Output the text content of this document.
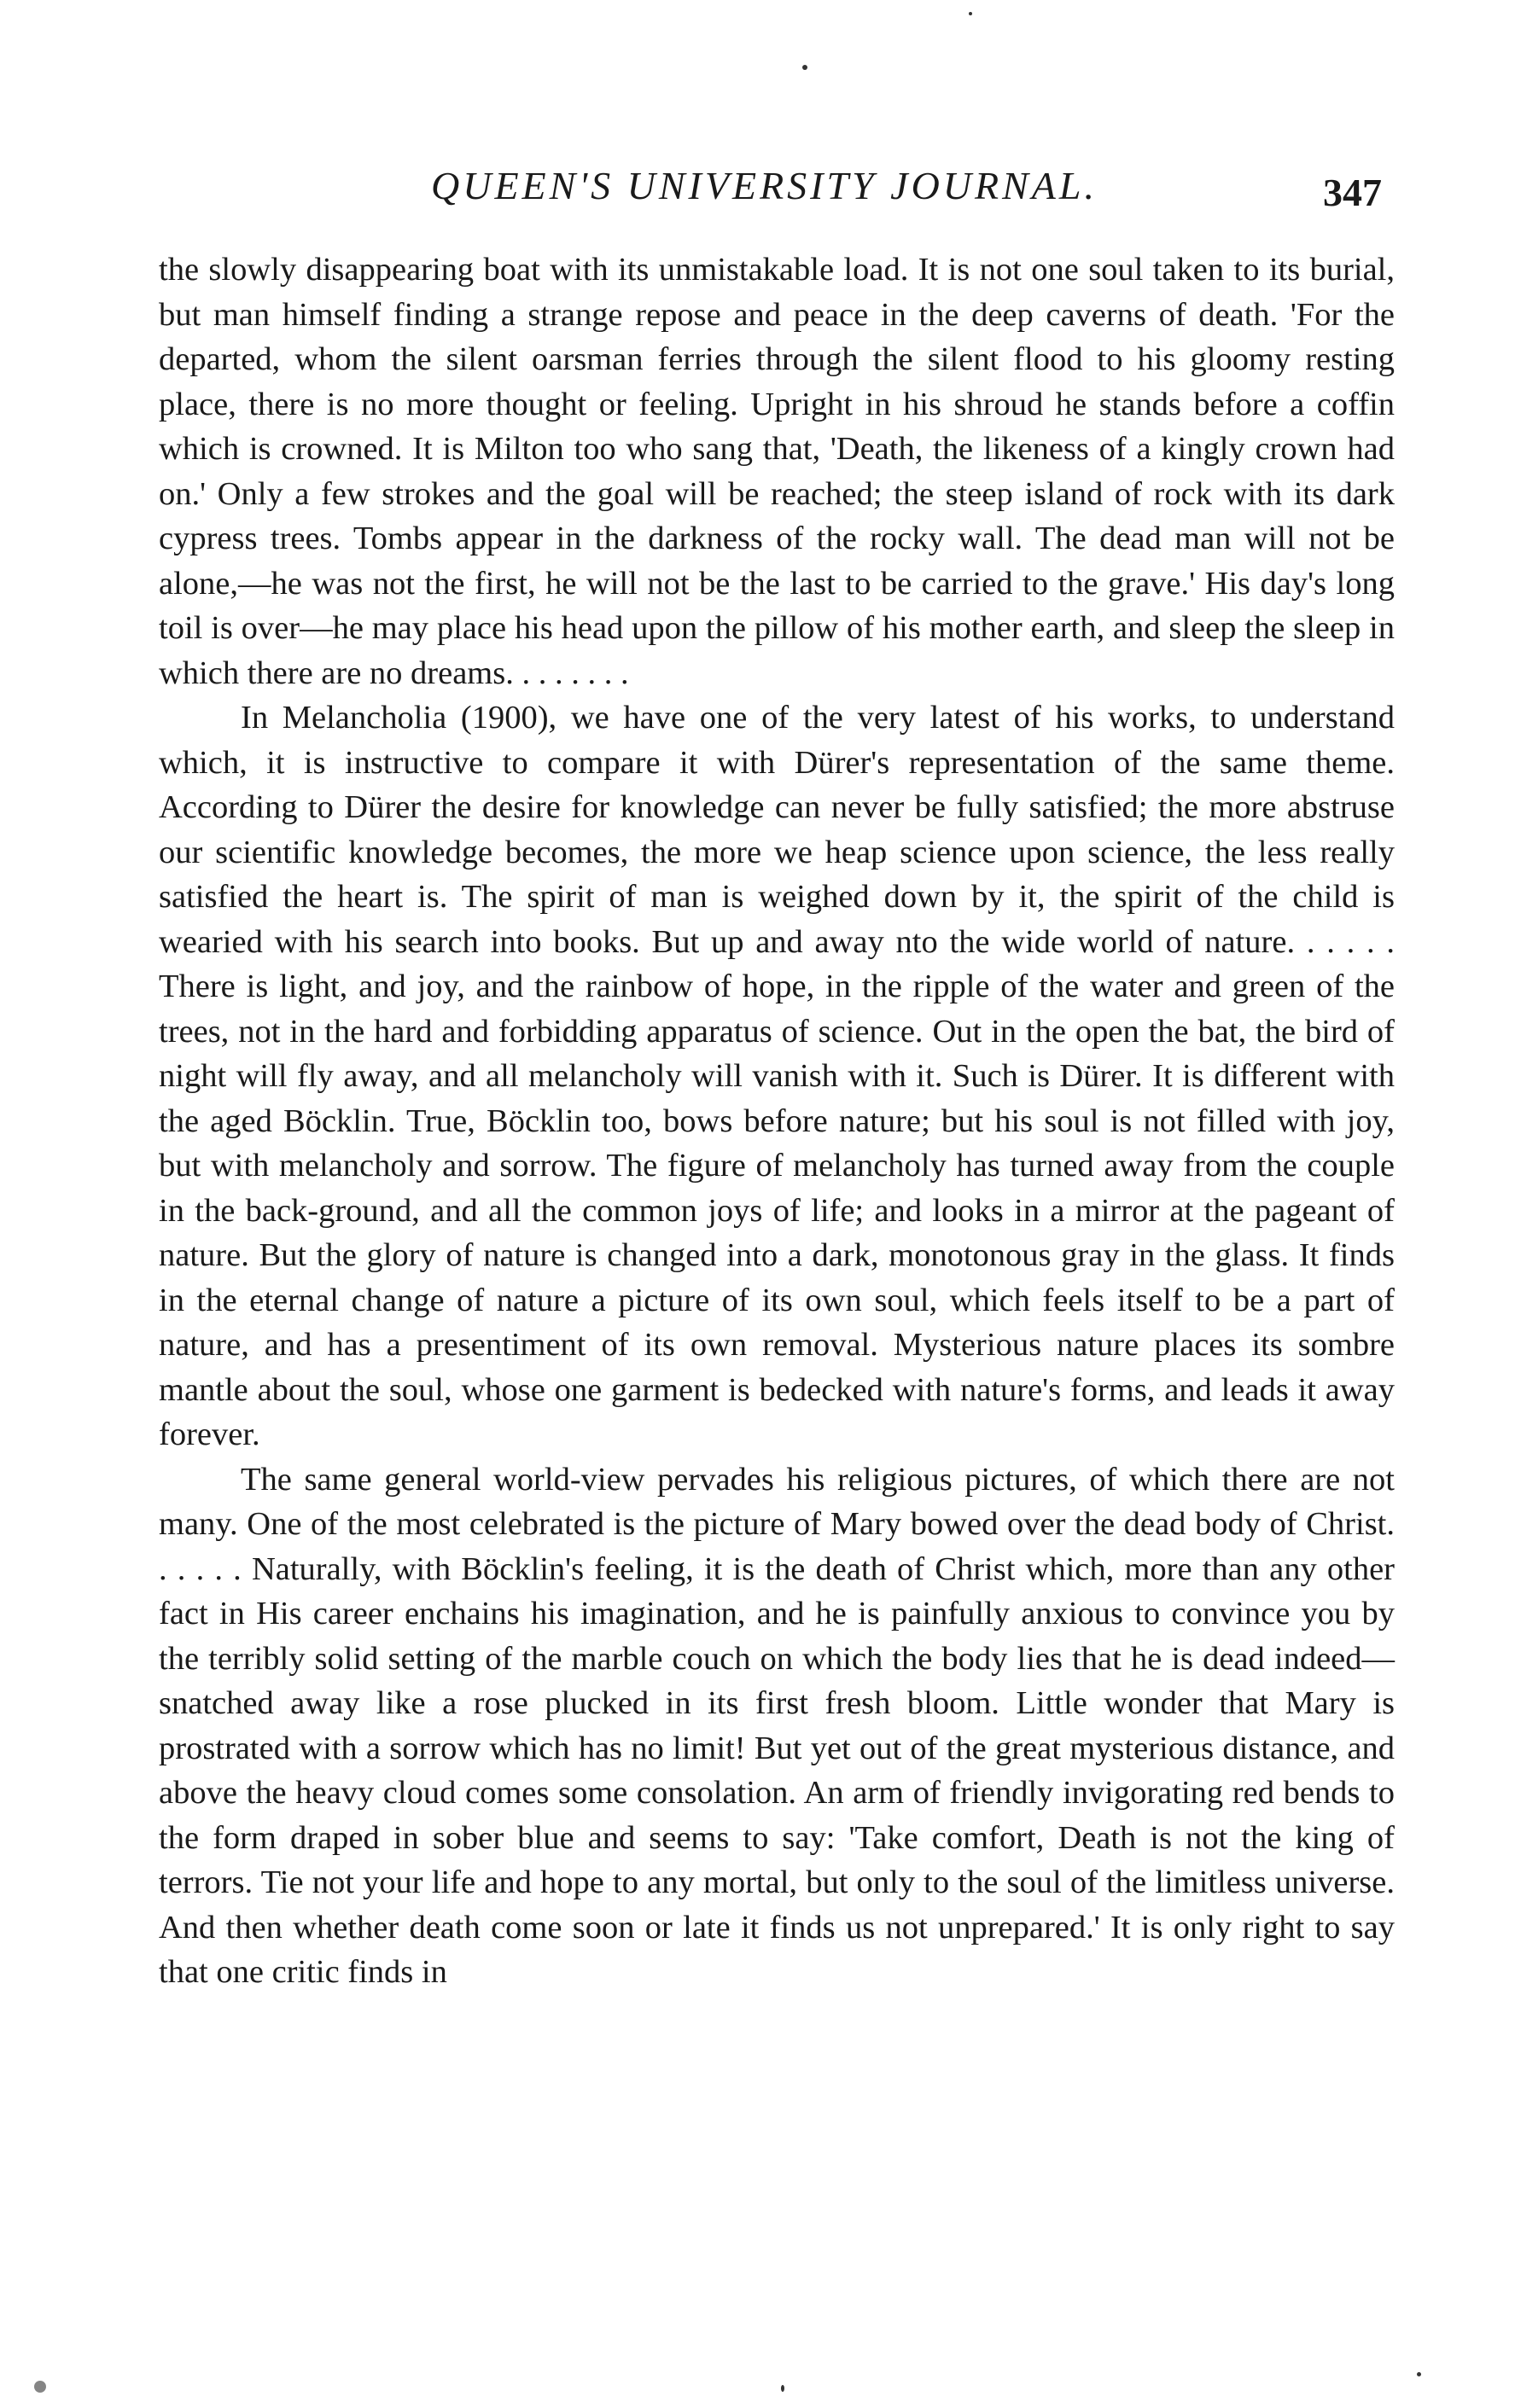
QUEEN'S UNIVERSITY JOURNAL.	347

the slowly disappearing boat with its unmistakable load. It is not one soul taken to its burial, but man himself finding a strange repose and peace in the deep caverns of death. 'For the departed, whom the silent oarsman ferries through the silent flood to his gloomy resting place, there is no more thought or feeling. Upright in his shroud he stands before a coffin which is crowned. It is Milton too who sang that, 'Death, the likeness of a kingly crown had on.' Only a few strokes and the goal will be reached; the steep island of rock with its dark cypress trees. Tombs appear in the darkness of the rocky wall. The dead man will not be alone,—he was not the first, he will not be the last to be carried to the grave.' His day's long toil is over—he may place his head upon the pillow of his mother earth, and sleep the sleep in which there are no dreams. . . . . . . .

In Melancholia (1900), we have one of the very latest of his works, to understand which, it is instructive to compare it with Dürer's representation of the same theme. According to Dürer the desire for knowledge can never be fully satisfied; the more abstruse our scientific knowledge becomes, the more we heap science upon science, the less really satisfied the heart is. The spirit of man is weighed down by it, the spirit of the child is wearied with his search into books. But up and away nto the wide world of nature. . . . . . There is light, and joy, and the rainbow of hope, in the ripple of the water and green of the trees, not in the hard and forbidding apparatus of science. Out in the open the bat, the bird of night will fly away, and all melancholy will vanish with it. Such is Dürer. It is different with the aged Böcklin. True, Böcklin too, bows before nature; but his soul is not filled with joy, but with melancholy and sorrow. The figure of melancholy has turned away from the couple in the back-ground, and all the common joys of life; and looks in a mirror at the pageant of nature. But the glory of nature is changed into a dark, monotonous gray in the glass. It finds in the eternal change of nature a picture of its own soul, which feels itself to be a part of nature, and has a presentiment of its own removal. Mysterious nature places its sombre mantle about the soul, whose one garment is bedecked with nature's forms, and leads it away forever.

The same general world-view pervades his religious pictures, of which there are not many. One of the most celebrated is the picture of Mary bowed over the dead body of Christ. . . . . . Naturally, with Böcklin's feeling, it is the death of Christ which, more than any other fact in His career enchains his imagination, and he is painfully anxious to convince you by the terribly solid setting of the marble couch on which the body lies that he is dead indeed—snatched away like a rose plucked in its first fresh bloom. Little wonder that Mary is prostrated with a sorrow which has no limit! But yet out of the great mysterious distance, and above the heavy cloud comes some consolation. An arm of friendly invigorating red bends to the form draped in sober blue and seems to say: 'Take comfort, Death is not the king of terrors. Tie not your life and hope to any mortal, but only to the soul of the limitless universe. And then whether death come soon or late it finds us not unprepared.' It is only right to say that one critic finds in
